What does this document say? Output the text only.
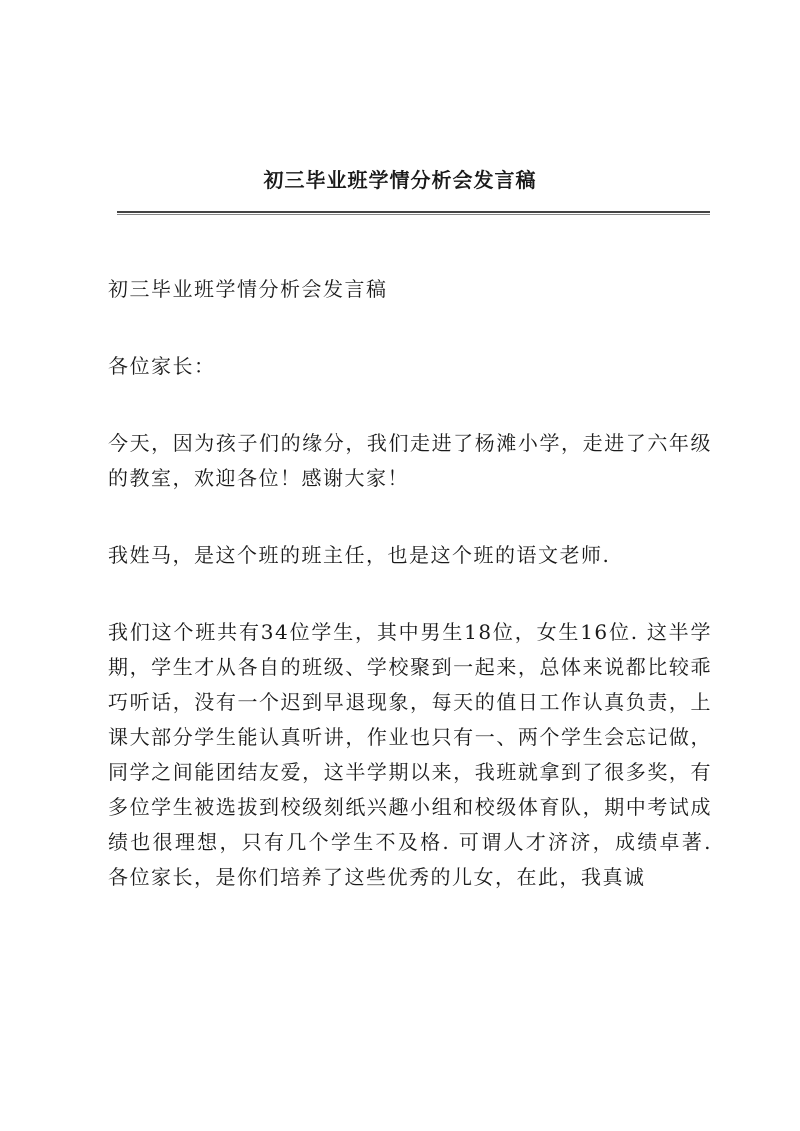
初三毕业班学情分析会发言稿

初三毕业班学情分析会发言稿

各位家长：

今天，因为孩子们的缘分，我们走进了杨滩小学，走进了六年级的教室，欢迎各位！感谢大家！

我姓马，是这个班的班主任，也是这个班的语文老师.

我们这个班共有34位学生，其中男生18位，女生16位. 这半学期，学生才从各自的班级、学校聚到一起来，总体来说都比较乖巧听话，没有一个迟到早退现象，每天的值日工作认真负责，上课大部分学生能认真听讲，作业也只有一、两个学生会忘记做，同学之间能团结友爱，这半学期以来，我班就拿到了很多奖，有多位学生被选拔到校级刻纸兴趣小组和校级体育队，期中考试成绩也很理想，只有几个学生不及格. 可谓人才济济，成绩卓著. 各位家长，是你们培养了这些优秀的儿女，在此，我真诚
